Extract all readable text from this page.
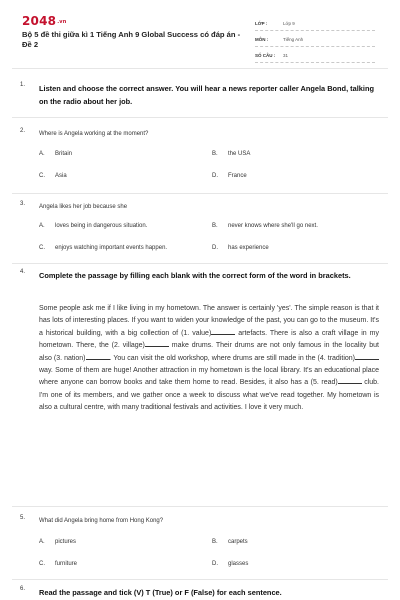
2048.vn
Bộ 5 đề thi giữa kì 1 Tiếng Anh 9 Global Success có đáp án - Đề 2
LỚP :	Lớp 9
MÔN :	Tiếng Anh
SỐ CÂU :	31
1. Listen and choose the correct answer. You will hear a news reporter caller Angela Bond, talking on the radio about her job.
2. Where is Angela working at the moment?
A. Britain	B. the USA
C. Asia	D. France
3. Angela likes her job because she
A. loves being in dangerous situation.	B. never knows where she'll go next.
C. enjoys watching important events happen.	D. has experience
4. Complete the passage by filling each blank with the correct form of the word in brackets.
Some people ask me if I like living in my hometown. The answer is certainly 'yes'. The simple reason is that it has lots of interesting places. If you want to widen your knowledge of the past, you can go to the museum. It's a historical building, with a big collection of (1. value)	artefacts. There is also a craft village in my hometown. There, the (2. village)	make drums. Their drums are not only famous in the locality but also (3. nation)	. You can visit the old workshop, where drums are still made in the (4. tradition) way. Some of them are huge! Another attraction in my hometown is the local library. It's an educational place where anyone can borrow books and take them home to read. Besides, it also has a (5. read)	club. I'm one of its members, and we gather once a week to discuss what we've read together. My hometown is also a cultural centre, with many traditional festivals and activities. I love it very much.
5. What did Angela bring home from Hong Kong?
A. pictures	B. carpets
C. furniture	D. glasses
6. Read the passage and tick (V) T (True) or F (False) for each sentence.
